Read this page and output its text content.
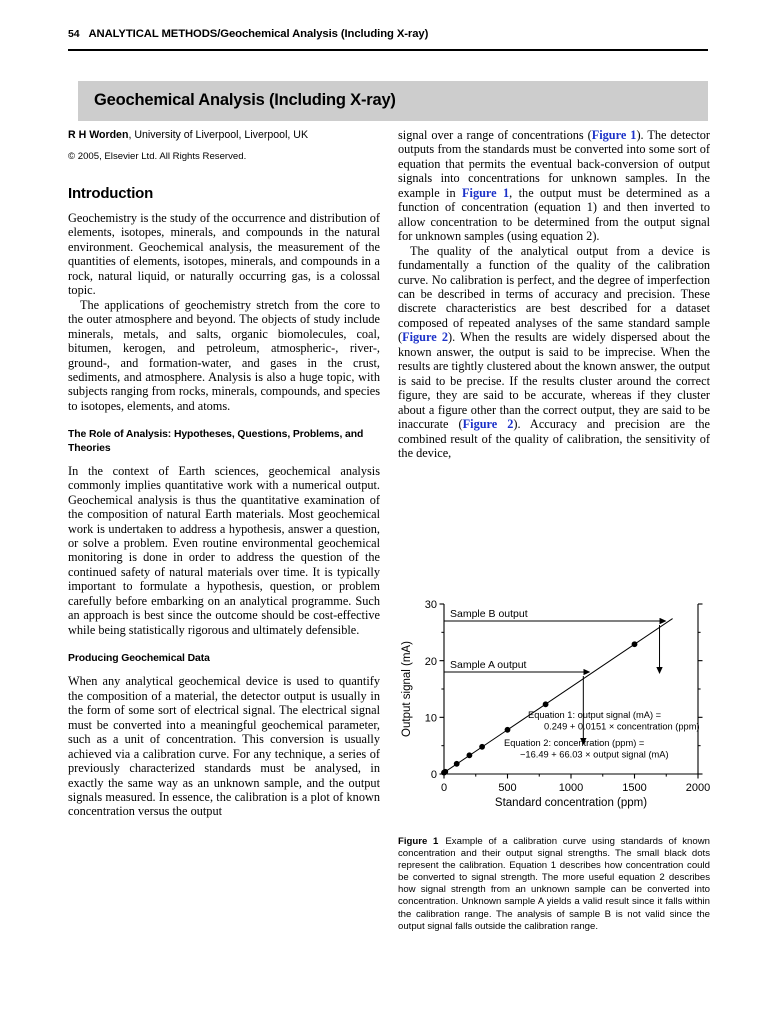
54 ANALYTICAL METHODS/Geochemical Analysis (Including X-ray)
Geochemical Analysis (Including X-ray)

R H Worden, University of Liverpool, Liverpool, UK

© 2005, Elsevier Ltd. All Rights Reserved.

Introduction

Geochemistry is the study of the occurrence and distribution of elements, isotopes, minerals, and compounds in the natural environment. Geochemical analysis, the measurement of the quantities of elements, isotopes, minerals, and compounds in a rock, natural liquid, or naturally occurring gas, is a colossal topic.

The applications of geochemistry stretch from the core to the outer atmosphere and beyond. The objects of study include minerals, metals, and salts, organic biomolecules, coal, bitumen, kerogen, and petroleum, atmospheric-, river-, ground-, and formation-water, and gases in the crust, sediments, and atmosphere. Analysis is also a huge topic, with subjects ranging from rocks, minerals, compounds, and species to isotopes, elements, and atoms.

The Role of Analysis: Hypotheses, Questions, Problems, and Theories

In the context of Earth sciences, geochemical analysis commonly implies quantitative work with a numerical output. Geochemical analysis is thus the quantitative examination of the composition of natural Earth materials. Most geochemical work is undertaken to address a hypothesis, answer a question, or solve a problem. Even routine environmental geochemical monitoring is done in order to address the question of the continued safety of natural materials over time. It is typically important to formulate a hypothesis, question, or problem carefully before embarking on an analytical programme. Such an approach is best since the outcome should be cost-effective while being statistically rigorous and ultimately defensible.

Producing Geochemical Data

When any analytical geochemical device is used to quantify the composition of a material, the detector output is usually in the form of some sort of electrical signal. The electrical signal must be converted into a meaningful geochemical parameter, such as a unit of concentration. This conversion is usually achieved via a calibration curve. For any technique, a series of previously characterized standards must be analysed, in exactly the same way as an unknown sample, and the output signals measured. In essence, the calibration is a plot of known concentration versus the output

signal over a range of concentrations (Figure 1). The detector outputs from the standards must be converted into some sort of equation that permits the eventual back-conversion of output signals into concentrations for unknown samples. In the example in Figure 1, the output must be determined as a function of concentration (equation 1) and then inverted to allow concentration to be determined from the output signal for unknown samples (using equation 2).

The quality of the analytical output from a device is fundamentally a function of the quality of the calibration curve. No calibration is perfect, and the degree of imperfection can be described in terms of accuracy and precision. These discrete characteristics are best described for a dataset composed of repeated analyses of the same standard sample (Figure 2). When the results are widely dispersed about the known answer, the output is said to be imprecise. When the results are tightly clustered about the known answer, the output is said to be precise. If the results cluster around the correct figure, they are said to be accurate, whereas if they cluster about a figure other than the correct output, they are said to be inaccurate (Figure 2). Accuracy and precision are the combined result of the quality of calibration, the sensitivity of the device,

0
10
20
30
0	500	1000	1500	2000
Standard concentration (ppm)
Output signal (mA)
Sample B output
Sample A output
Equation 1: output signal (mA) =
0.249 + 0.0151 × concentration (ppm)
Equation 2: concentration (ppm) =
−16.49 + 66.03 × output signal (mA)
Figure 1 Example of a calibration curve using standards of known concentration and their output signal strengths. The small black dots represent the calibration. Equation 1 describes how concentration could be converted to signal strength. The more useful equation 2 describes how signal strength from an unknown sample can be converted into concentration. Unknown sample A yields a valid result since it falls within the calibration range. The analysis of sample B is not valid since the output signal falls outside the calibration range.
